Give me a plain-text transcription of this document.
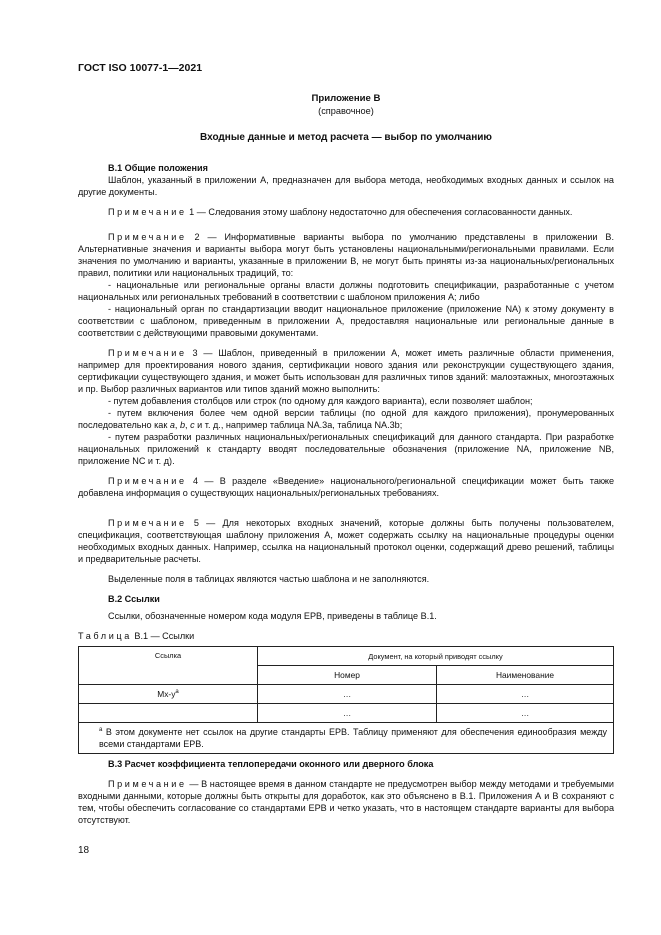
ГОСТ ISO 10077-1—2021
Приложение В
(справочное)
Входные данные и метод расчета — выбор по умолчанию
В.1 Общие положения

Шаблон, указанный в приложении А, предназначен для выбора метода, необходимых входных данных и ссылок на другие документы.

Примечание 1 — Следования этому шаблону недостаточно для обеспечения согласованности данных.

Примечание 2 — Информативные варианты выбора по умолчанию представлены в приложении В. Альтернативные значения и варианты выбора могут быть установлены национальными/региональными правилами. Если значения по умолчанию и варианты, указанные в приложении В, не могут быть приняты из-за национальных/региональных правил, политики или национальных традиций, то:

- национальные или региональные органы власти должны подготовить спецификации, разработанные с учетом национальных или региональных требований в соответствии с шаблоном приложения А; либо

- национальный орган по стандартизации вводит национальное приложение (приложение NA) к этому документу в соответствии с шаблоном, приведенным в приложении А, предоставляя национальные или региональные данные в соответствии с действующими правовыми документами.

Примечание 3 — Шаблон, приведенный в приложении А, может иметь различные области применения, например для проектирования нового здания, сертификации нового здания или реконструкции существующего здания, сертификации существующего здания, и может быть использован для различных типов зданий: малоэтажных, многоэтажных и пр. Выбор различных вариантов или типов зданий можно выполнить:

- путем добавления столбцов или строк (по одному для каждого варианта), если позволяет шаблон;

- путем включения более чем одной версии таблицы (по одной для каждого приложения), пронумерованных последовательно как а, b, с и т. д., например таблица NA.3a, таблица NA.3b;

- путем разработки различных национальных/региональных спецификаций для данного стандарта. При разработке национальных приложений к стандарту вводят последовательные обозначения (приложение NA, приложение NB, приложение NC и т. д).

Примечание 4 — В разделе «Введение» национального/региональной спецификации может быть также добавлена информация о существующих национальных/региональных требованиях.

Примечание 5 — Для некоторых входных значений, которые должны быть получены пользователем, спецификация, соответствующая шаблону приложения А, может содержать ссылку на национальные процедуры оценки необходимых входных данных. Например, ссылка на национальный протокол оценки, содержащий древо решений, таблицы и предварительные расчеты.

Выделенные поля в таблицах являются частью шаблона и не заполняются.

В.2 Ссылки

Ссылки, обозначенные номером кода модуля ЕРВ, приведены в таблице В.1.

Таблица В.1 — Ссылки
Ссылка	Документ, на который приводят ссылку	
	Номер	Наименование
$Мх-у^а$	…	…
	…	…
$^а$ В этом документе нет ссылок на другие стандарты ЕРВ. Таблицу применяют для обеспечения единообразия между всеми стандартами ЕРВ.		
В.3 Расчет коэффициента теплопередачи оконного или дверного блока

Примечание — В настоящее время в данном стандарте не предусмотрен выбор между методами и требуемыми входными данными, которые должны быть открыты для доработок, как это объяснено в В.1. Приложения А и В сохраняют с тем, чтобы обеспечить согласование со стандартами ЕРВ и четко указать, что в настоящем стандарте варианты для выбора отсутствуют.

18
